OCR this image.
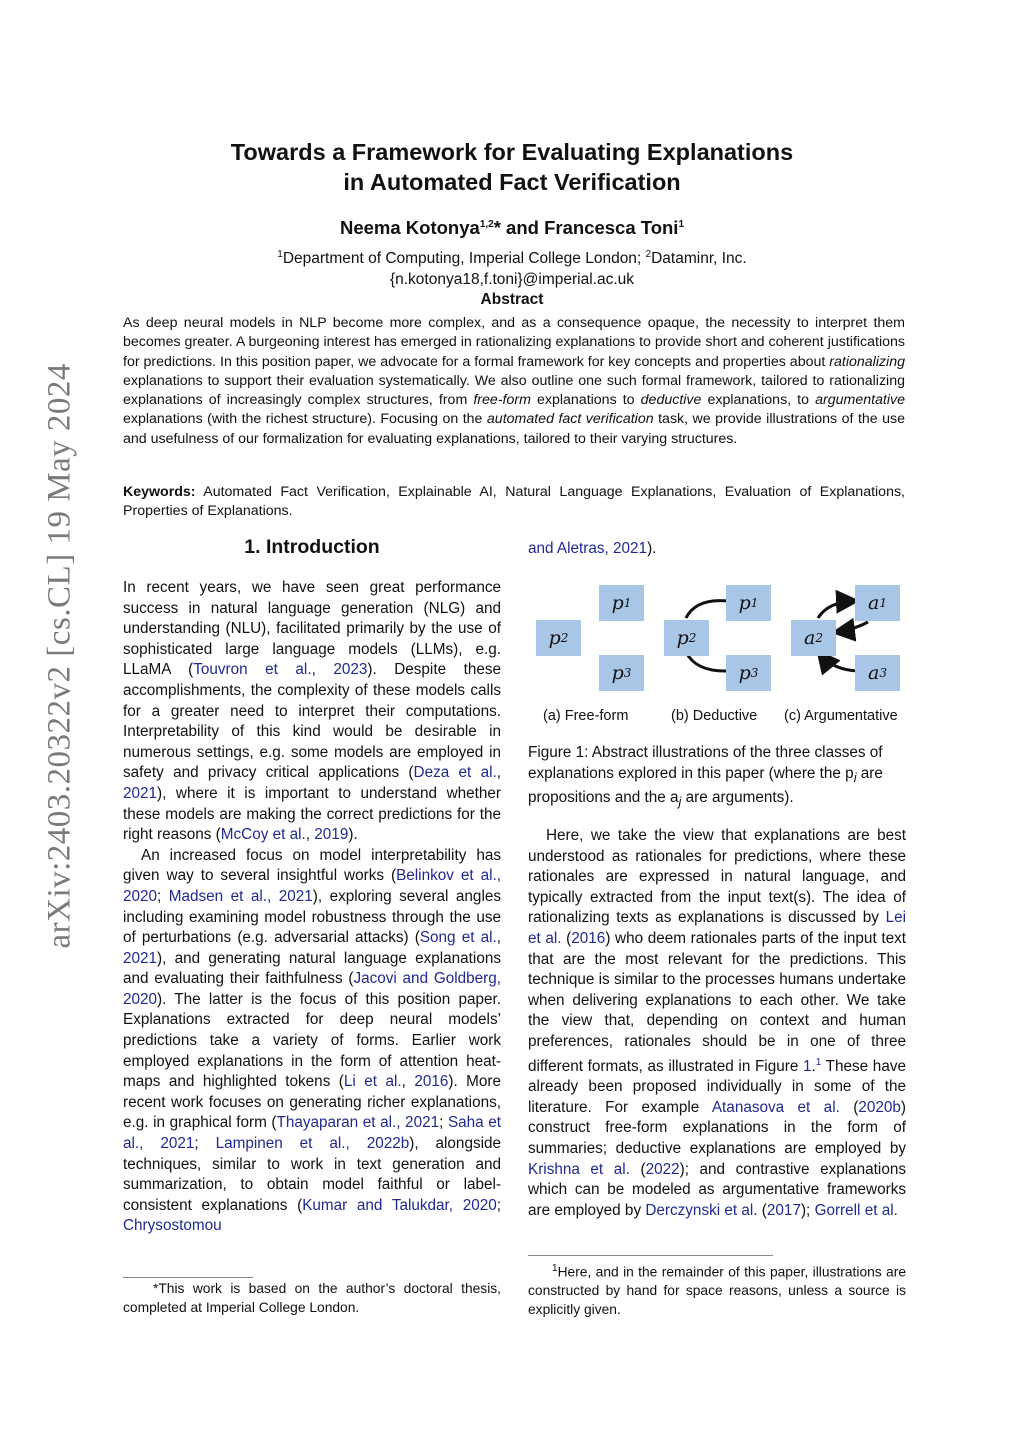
arXiv:2403.20322v2 [cs.CL] 19 May 2024
Towards a Framework for Evaluating Explanations
in Automated Fact Verification
Neema Kotonya$^{1,2}$* and Francesca Toni$^1$
$^1$Department of Computing, Imperial College London; $^2$Dataminr, Inc.
{n.kotonya18,f.toni}@imperial.ac.uk
Abstract
As deep neural models in NLP become more complex, and as a consequence opaque, the necessity to interpret them becomes greater. A burgeoning interest has emerged in rationalizing explanations to provide short and coherent justifications for predictions. In this position paper, we advocate for a formal framework for key concepts and properties about rationalizing explanations to support their evaluation systematically. We also outline one such formal framework, tailored to rationalizing explanations of increasingly complex structures, from free-form explanations to deductive explanations, to argumentative explanations (with the richest structure). Focusing on the automated fact verification task, we provide illustrations of the use and usefulness of our formalization for evaluating explanations, tailored to their varying structures.
Keywords: Automated Fact Verification, Explainable AI, Natural Language Explanations, Evaluation of Explanations, Properties of Explanations.
1. Introduction

In recent years, we have seen great performance success in natural language generation (NLG) and understanding (NLU), facilitated primarily by the use of sophisticated large language models (LLMs), e.g. LLaMA (Touvron et al., 2023). Despite these accomplishments, the complexity of these models calls for a greater need to interpret their computations. Interpretability of this kind would be desirable in numerous settings, e.g. some models are employed in safety and privacy critical applications (Deza et al., 2021), where it is important to understand whether these models are making the correct predictions for the right reasons (McCoy et al., 2019).

An increased focus on model interpretability has given way to several insightful works (Belinkov et al., 2020; Madsen et al., 2021), exploring several angles including examining model robustness through the use of perturbations (e.g. adversarial attacks) (Song et al., 2021), and generating natural language explanations and evaluating their faithfulness (Jacovi and Goldberg, 2020). The latter is the focus of this position paper. Explanations extracted for deep neural models’ predictions take a variety of forms. Earlier work employed explanations in the form of attention heat-maps and highlighted tokens (Li et al., 2016). More recent work focuses on generating richer explanations, e.g. in graphical form (Thayaparan et al., 2021; Saha et al., 2021; Lampinen et al., 2022b), alongside techniques, similar to work in text generation and summarization, to obtain model faithful or label-consistent explanations (Kumar and Talukdar, 2020; Chrysostomou

*This work is based on the author’s doctoral thesis, completed at Imperial College London.
and Aletras, 2021).
p 1
p 2
p 3
p 1
p 2
p 3
a 1
a 2
a 3
(a) Free-form	(b) Deductive (c) Argumentative
Figure 1: Abstract illustrations of the three classes of explanations explored in this paper (where the $p_i$ are propositions and the $a_j$ are arguments).

Here, we take the view that explanations are best understood as rationales for predictions, where these rationales are expressed in natural language, and typically extracted from the input text(s). The idea of rationalizing texts as explanations is discussed by Lei et al. (2016) who deem rationales parts of the input text that are the most relevant for the predictions. This technique is similar to the processes humans undertake when delivering explanations to each other. We take the view that, depending on context and human preferences, rationales should be in one of three different formats, as illustrated in Figure 1.$^1$ These have already been proposed individually in some of the literature. For example Atanasova et al. (2020b) construct free-form explanations in the form of summaries; deductive explanations are employed by Krishna et al. (2022); and contrastive explanations which can be modeled as argumentative frameworks are employed by Derczynski et al. (2017); Gorrell et al.

$^1$Here, and in the remainder of this paper, illustrations are constructed by hand for space reasons, unless a source is explicitly given.
